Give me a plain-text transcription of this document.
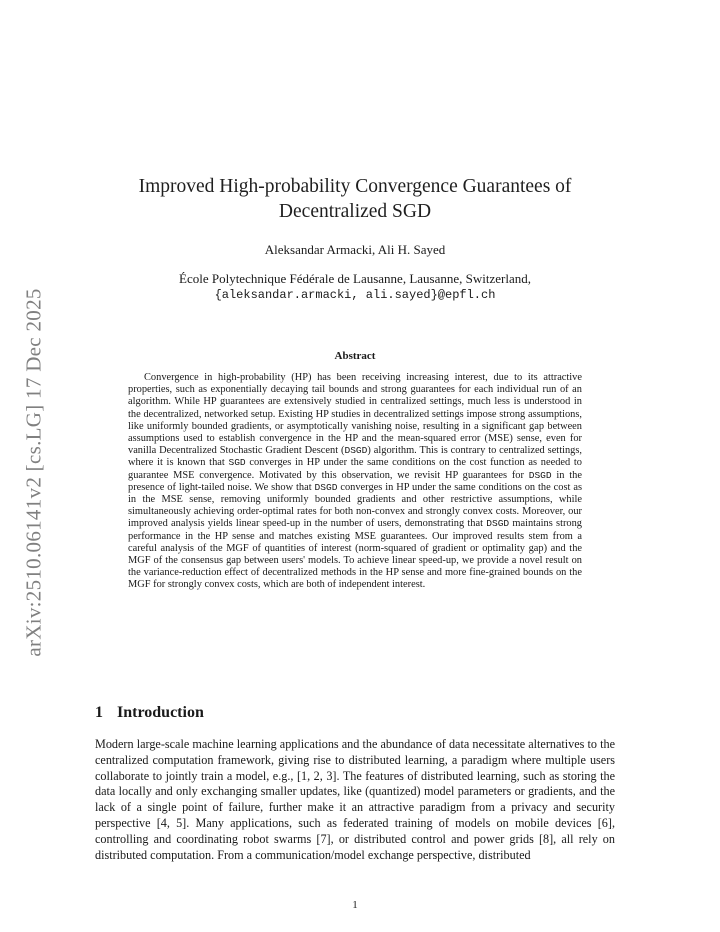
arXiv:2510.06141v2 [cs.LG] 17 Dec 2025
Improved High-probability Convergence Guarantees of
Decentralized SGD
Aleksandar Armacki, Ali H. Sayed
École Polytechnique Fédérale de Lausanne, Lausanne, Switzerland,
{aleksandar.armacki, ali.sayed}@epfl.ch
Abstract

Convergence in high-probability (HP) has been receiving increasing interest, due to its attractive properties, such as exponentially decaying tail bounds and strong guarantees for each individual run of an algorithm. While HP guarantees are extensively studied in centralized settings, much less is understood in the decentralized, networked setup. Existing HP studies in decentralized settings impose strong assumptions, like uniformly bounded gradients, or asymptotically vanishing noise, resulting in a significant gap between assumptions used to establish convergence in the HP and the mean-squared error (MSE) sense, even for vanilla Decentralized Stochastic Gradient Descent (DSGD) algorithm. This is contrary to centralized settings, where it is known that SGD converges in HP under the same conditions on the cost function as needed to guarantee MSE convergence. Motivated by this observation, we revisit HP guarantees for DSGD in the presence of light-tailed noise. We show that DSGD converges in HP under the same conditions on the cost as in the MSE sense, removing uniformly bounded gradients and other restrictive assumptions, while simultaneously achieving order-optimal rates for both non-convex and strongly convex costs. Moreover, our improved analysis yields linear speed-up in the number of users, demonstrating that DSGD maintains strong performance in the HP sense and matches existing MSE guarantees. Our improved results stem from a careful analysis of the MGF of quantities of interest (norm-squared of gradient or optimality gap) and the MGF of the consensus gap between users' models. To achieve linear speed-up, we provide a novel result on the variance-reduction effect of decentralized methods in the HP sense and more fine-grained bounds on the MGF for strongly convex costs, which are both of independent interest.

1 Introduction

Modern large-scale machine learning applications and the abundance of data necessitate alternatives to the centralized computation framework, giving rise to distributed learning, a paradigm where multiple users collaborate to jointly train a model, e.g., [1, 2, 3]. The features of distributed learning, such as storing the data locally and only exchanging smaller updates, like (quantized) model parameters or gradients, and the lack of a single point of failure, further make it an attractive paradigm from a privacy and security perspective [4, 5]. Many applications, such as federated training of models on mobile devices [6], controlling and coordinating robot swarms [7], or distributed control and power grids [8], all rely on distributed computation. From a communication/model exchange perspective, distributed

1
